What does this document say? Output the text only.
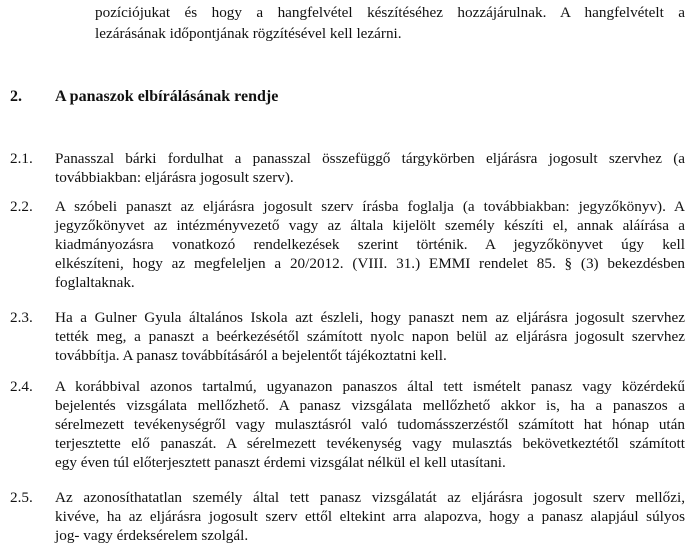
pozíciójukat és hogy a hangfelvétel készítéséhez hozzájárulnak. A hangfelvételt a
lezárásának időpontjának rögzítésével kell lezárni.
2. A panaszok elbírálásának rendje
2.1. Panasszal bárki fordulhat a panasszal összefüggő tárgykörben eljárásra jogosult szervhez (a
továbbiakban: eljárásra jogosult szerv).
2.2. A szóbeli panaszt az eljárásra jogosult szerv írásba foglalja (a továbbiakban: jegyzőkönyv). A
jegyzőkönyvet az intézményvezető vagy az általa kijelölt személy készíti el, annak aláírása a
kiadmányozásra vonatkozó rendelkezések szerint történik. A jegyzőkönyvet úgy kell
elkészíteni, hogy az megfeleljen a 20/2012. (VIII. 31.) EMMI rendelet 85. § (3) bekezdésben
foglaltaknak.
2.3. Ha a Gulner Gyula általános Iskola azt észleli, hogy panaszt nem az eljárásra jogosult szervhez
tették meg, a panaszt a beérkezésétől számított nyolc napon belül az eljárásra jogosult szervhez
továbbítja. A panasz továbbításáról a bejelentőt tájékoztatni kell.
2.4. A korábbival azonos tartalmú, ugyanazon panaszos által tett ismételt panasz vagy közérdekű
bejelentés vizsgálata mellőzhető. A panasz vizsgálata mellőzhető akkor is, ha a panaszos a
sérelmezett tevékenységről vagy mulasztásról való tudomásszerzéstől számított hat hónap után
terjesztette elő panaszát. A sérelmezett tevékenység vagy mulasztás bekövetkeztétől számított
egy éven túl előterjesztett panaszt érdemi vizsgálat nélkül el kell utasítani.
2.5. Az azonosíthatatlan személy által tett panasz vizsgálatát az eljárásra jogosult szerv mellőzi,
kivéve, ha az eljárásra jogosult szerv ettől eltekint arra alapozva, hogy a panasz alapjául súlyos
jog- vagy érdeksérelem szolgál.
